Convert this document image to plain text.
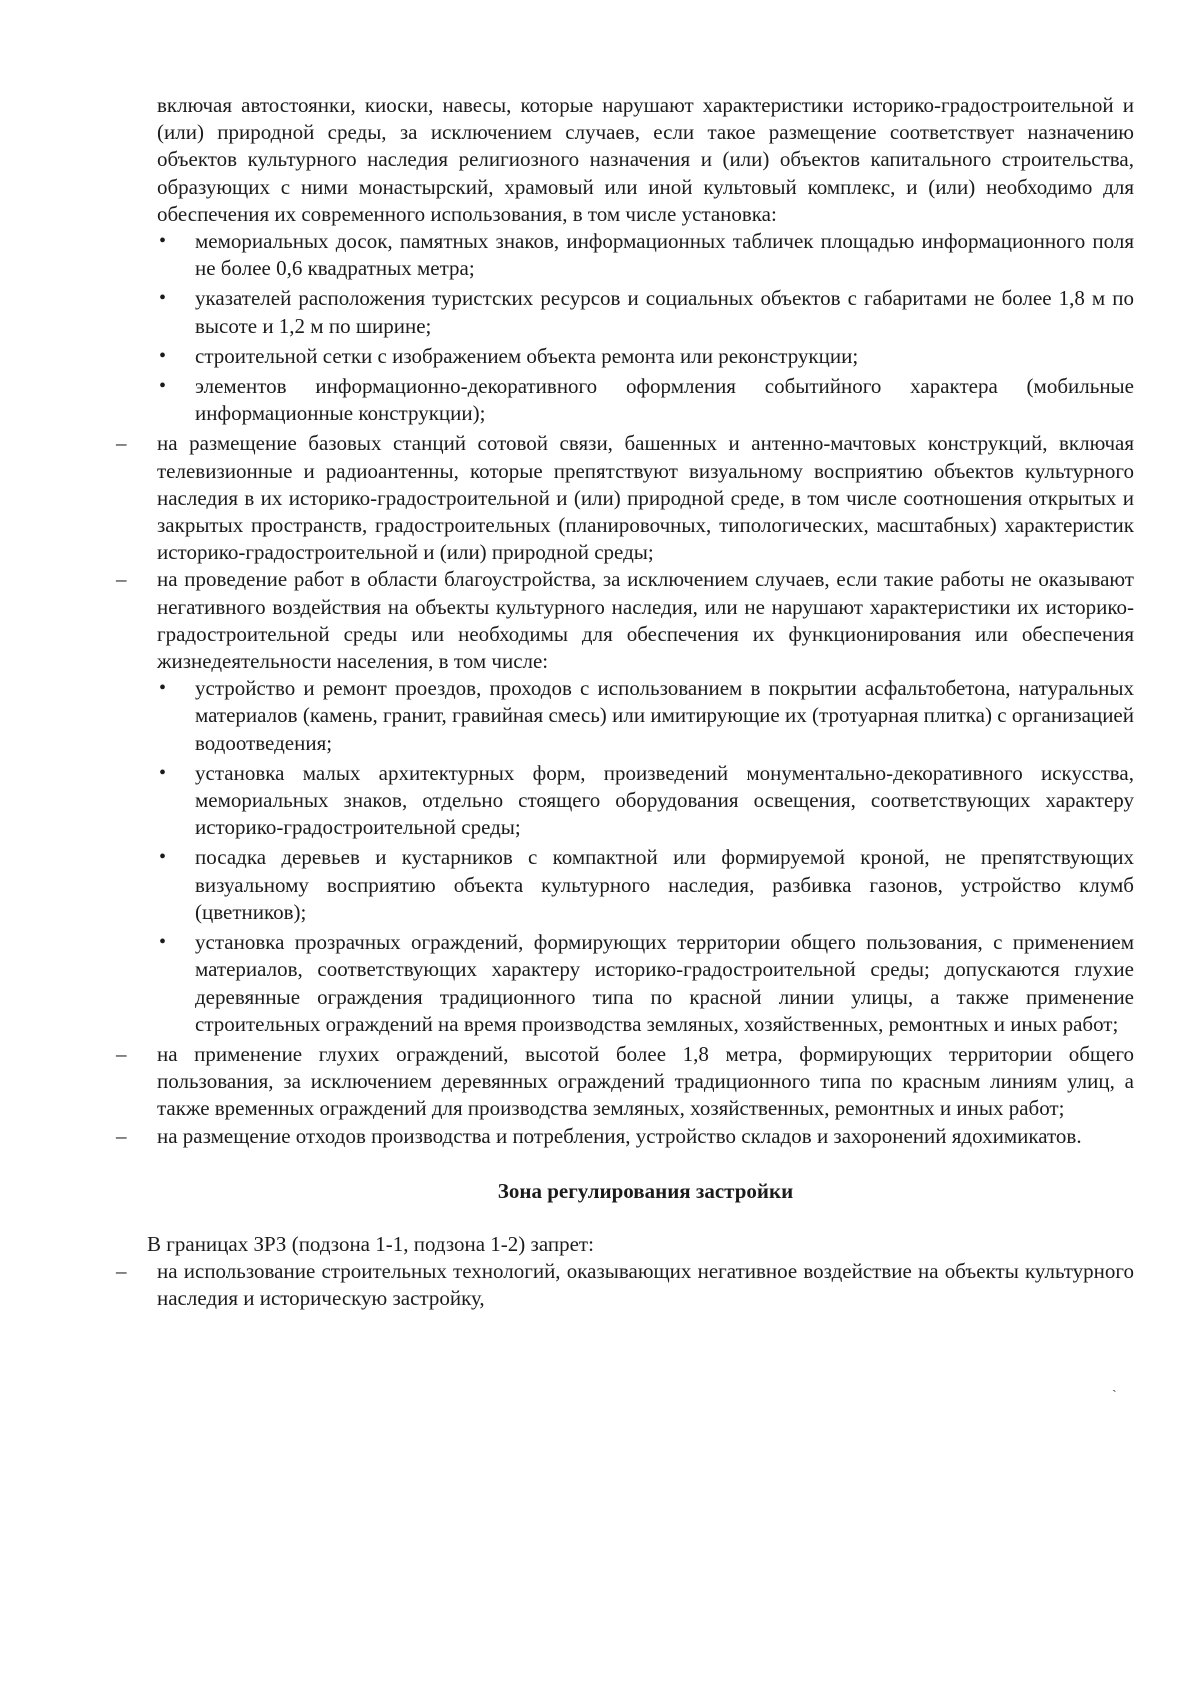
включая автостоянки, киоски, навесы, которые нарушают характеристики историко-градостроительной и (или) природной среды, за исключением случаев, если такое размещение соответствует назначению объектов культурного наследия религиозного назначения и (или) объектов капитального строительства, образующих с ними монастырский, храмовый или иной культовый комплекс, и (или) необходимо для обеспечения их современного использования, в том числе установка:

• мемориальных досок, памятных знаков, информационных табличек площадью информационного поля не более 0,6 квадратных метра;
• указателей расположения туристских ресурсов и социальных объектов с габаритами не более 1,8 м по высоте и 1,2 м по ширине;
• строительной сетки с изображением объекта ремонта или реконструкции;
• элементов информационно-декоративного оформления событийного характера (мобильные информационные конструкции);
– на размещение базовых станций сотовой связи, башенных и антенно-мачтовых конструкций, включая телевизионные и радиоантенны, которые препятствуют визуальному восприятию объектов культурного наследия в их историко-градостроительной и (или) природной среде, в том числе соотношения открытых и закрытых пространств, градостроительных (планировочных, типологических, масштабных) характеристик историко-градостроительной и (или) природной среды;

– на проведение работ в области благоустройства, за исключением случаев, если такие работы не оказывают негативного воздействия на объекты культурного наследия, или не нарушают характеристики их историко-градостроительной среды или необходимы для обеспечения их функционирования или обеспечения жизнедеятельности населения, в том числе:

• устройство и ремонт проездов, проходов с использованием в покрытии асфальтобетона, натуральных материалов (камень, гранит, гравийная смесь) или имитирующие их (тротуарная плитка) с организацией водоотведения;
• установка малых архитектурных форм, произведений монументально-декоративного искусства, мемориальных знаков, отдельно стоящего оборудования освещения, соответствующих характеру историко-градостроительной среды;
• посадка деревьев и кустарников с компактной или формируемой кроной, не препятствующих визуальному восприятию объекта культурного наследия, разбивка газонов, устройство клумб (цветников);
• установка прозрачных ограждений, формирующих территории общего пользования, с применением материалов, соответствующих характеру историко-градостроительной среды; допускаются глухие деревянные ограждения традиционного типа по красной линии улицы, а также применение строительных ограждений на время производства земляных, хозяйственных, ремонтных и иных работ;
– на применение глухих ограждений, высотой более 1,8 метра, формирующих территории общего пользования, за исключением деревянных ограждений традиционного типа по красным линиям улиц, а также временных ограждений для производства земляных, хозяйственных, ремонтных и иных работ;

– на размещение отходов производства и потребления, устройство складов и захоронений ядохимикатов.

Зона регулирования застройки

В границах ЗРЗ (подзона 1-1, подзона 1-2) запрет:

– на использование строительных технологий, оказывающих негативное воздействие на объекты культурного наследия и историческую застройку,

ˏ
